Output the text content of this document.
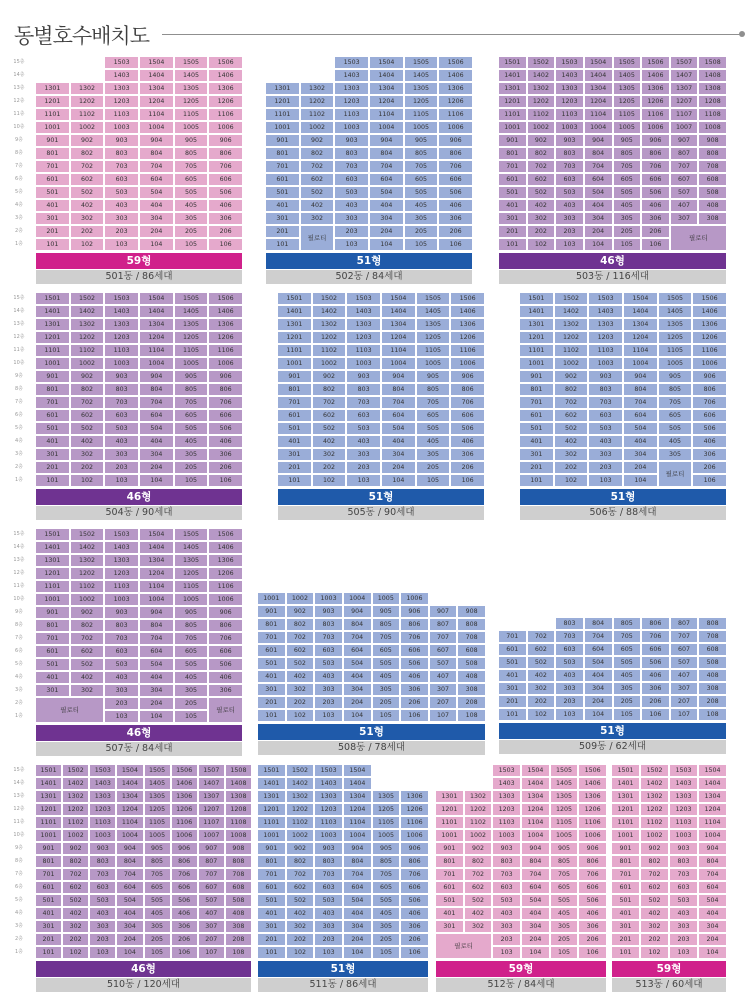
동별호수배치도
15층	1503	1504	1505	1506
14층	1403	1404	1405	1406
13층	1301	1302	1303	1304	1305	1306
12층	1201	1202	1203	1204	1205	1206
11층	1101	1102	1103	1104	1105	1106
10층	1001	1002	1003	1004	1005	1006
9층	901	902	903	904	905	906
8층	801	802	803	804	805	806
7층	701	702	703	704	705	706
6층	601	602	603	604	605	606
5층	501	502	503	504	505	506
4층	401	402	403	404	405	406
3층	301	302	303	304	305	306
2층	201	202	203	204	205	206
1층	101	102	103	104	105	106
59형
501동 / 86세대
1503	1504	1505	1506
1403	1404	1405	1406
1301	1302	1303	1304	1305	1306
1201	1202	1203	1204	1205	1206
1101	1102	1103	1104	1105	1106
1001	1002	1003	1004	1005	1006
901	902	903	904	905	906
801	802	803	804	805	806
701	702	703	704	705	706
601	602	603	604	605	606
501	502	503	504	505	506
401	402	403	404	405	406
301	302	303	304	305	306
201	203	204	205	206
101	103	104	105	106
필로티
51형
502동 / 84세대
1501	1502	1503	1504	1505	1506	1507	1508
1401	1402	1403	1404	1405	1406	1407	1408
1301	1302	1303	1304	1305	1306	1307	1308
1201	1202	1203	1204	1205	1206	1207	1208
1101	1102	1103	1104	1105	1106	1107	1108
1001	1002	1003	1004	1005	1006	1007	1008
901	902	903	904	905	906	907	908
801	802	803	804	805	806	807	808
701	702	703	704	705	706	707	708
601	602	603	604	605	606	607	608
501	502	503	504	505	506	507	508
401	402	403	404	405	406	407	408
301	302	303	304	305	306	307	308
201	202	203	204	205	206
101	102	103	104	105	106
필로티
46형
503동 / 116세대
15층	1501	1502	1503	1504	1505	1506
14층	1401	1402	1403	1404	1405	1406
13층	1301	1302	1303	1304	1305	1306
12층	1201	1202	1203	1204	1205	1206
11층	1101	1102	1103	1104	1105	1106
10층	1001	1002	1003	1004	1005	1006
9층	901	902	903	904	905	906
8층	801	802	803	804	805	806
7층	701	702	703	704	705	706
6층	601	602	603	604	605	606
5층	501	502	503	504	505	506
4층	401	402	403	404	405	406
3층	301	302	303	304	305	306
2층	201	202	203	204	205	206
1층	101	102	103	104	105	106
46형
504동 / 90세대
1501	1502	1503	1504	1505	1506
1401	1402	1403	1404	1405	1406
1301	1302	1303	1304	1305	1306
1201	1202	1203	1204	1205	1206
1101	1102	1103	1104	1105	1106
1001	1002	1003	1004	1005	1006
901	902	903	904	905	906
801	802	803	804	805	806
701	702	703	704	705	706
601	602	603	604	605	606
501	502	503	504	505	506
401	402	403	404	405	406
301	302	303	304	305	306
201	202	203	204	205	206
101	102	103	104	105	106
51형
505동 / 90세대
1501	1502	1503	1504	1505	1506
1401	1402	1403	1404	1405	1406
1301	1302	1303	1304	1305	1306
1201	1202	1203	1204	1205	1206
1101	1102	1103	1104	1105	1106
1001	1002	1003	1004	1005	1006
901	902	903	904	905	906
801	802	803	804	805	806
701	702	703	704	705	706
601	602	603	604	605	606
501	502	503	504	505	506
401	402	403	404	405	406
301	302	303	304	305	306
201	202	203	204	206
101	102	103	104	106
필로티
51형
506동 / 88세대
15층	1501	1502	1503	1504	1505	1506
14층	1401	1402	1403	1404	1405	1406
13층	1301	1302	1303	1304	1305	1306
12층	1201	1202	1203	1204	1205	1206
11층	1101	1102	1103	1104	1105	1106
10층	1001	1002	1003	1004	1005	1006
9층	901	902	903	904	905	906
8층	801	802	803	804	805	806
7층	701	702	703	704	705	706
6층	601	602	603	604	605	606
5층	501	502	503	504	505	506
4층	401	402	403	404	405	406
3층	301	302	303	304	305	306
2층	203	204	205
1층	103	104	105
필로티	필로티
46형
507동 / 84세대
1001	1002	1003	1004	1005	1006
901	902	903	904	905	906	907	908
801	802	803	804	805	806	807	808
701	702	703	704	705	706	707	708
601	602	603	604	605	606	607	608
501	502	503	504	505	506	507	508
401	402	403	404	405	406	407	408
301	302	303	304	305	306	307	308
201	202	203	204	205	206	207	208
101	102	103	104	105	106	107	108
51형
508동 / 78세대
803	804	805	806	807	808
701	702	703	704	705	706	707	708
601	602	603	604	605	606	607	608
501	502	503	504	505	506	507	508
401	402	403	404	405	406	407	408
301	302	303	304	305	306	307	308
201	202	203	204	205	206	207	208
101	102	103	104	105	106	107	108
51형
509동 / 62세대
15층	1501	1502	1503	1504	1505	1506	1507	1508
14층	1401	1402	1403	1404	1405	1406	1407	1408
13층	1301	1302	1303	1304	1305	1306	1307	1308
12층	1201	1202	1203	1204	1205	1206	1207	1208
11층	1101	1102	1103	1104	1105	1106	1107	1108
10층	1001	1002	1003	1004	1005	1006	1007	1008
9층	901	902	903	904	905	906	907	908
8층	801	802	803	804	805	806	807	808
7층	701	702	703	704	705	706	707	708
6층	601	602	603	604	605	606	607	608
5층	501	502	503	504	505	506	507	508
4층	401	402	403	404	405	406	407	408
3층	301	302	303	304	305	306	307	308
2층	201	202	203	204	205	206	207	208
1층	101	102	103	104	105	106	107	108
46형
510동 / 120세대
1501	1502	1503	1504
1401	1402	1403	1404
1301	1302	1303	1304	1305	1306
1201	1202	1203	1204	1205	1206
1101	1102	1103	1104	1105	1106
1001	1002	1003	1004	1005	1006
901	902	903	904	905	906
801	802	803	804	805	806
701	702	703	704	705	706
601	602	603	604	605	606
501	502	503	504	505	506
401	402	403	404	405	406
301	302	303	304	305	306
201	202	203	204	205	206
101	102	103	104	105	106
51형
511동 / 86세대
1503	1504	1505	1506
1403	1404	1405	1406
1301	1302	1303	1304	1305	1306
1201	1202	1203	1204	1205	1206
1101	1102	1103	1104	1105	1106
1001	1002	1003	1004	1005	1006
901	902	903	904	905	906
801	802	803	804	805	806
701	702	703	704	705	706
601	602	603	604	605	606
501	502	503	504	505	506
401	402	403	404	405	406
301	302	303	304	305	306
203	204	205	206
103	104	105	106
필로티
59형
512동 / 84세대
1501	1502	1503	1504
1401	1402	1403	1404
1301	1302	1303	1304
1201	1202	1203	1204
1101	1102	1103	1104
1001	1002	1003	1004
901	902	903	904
801	802	803	804
701	702	703	704
601	602	603	604
501	502	503	504
401	402	403	404
301	302	303	304
201	202	203	204
101	102	103	104
59형
513동 / 60세대
